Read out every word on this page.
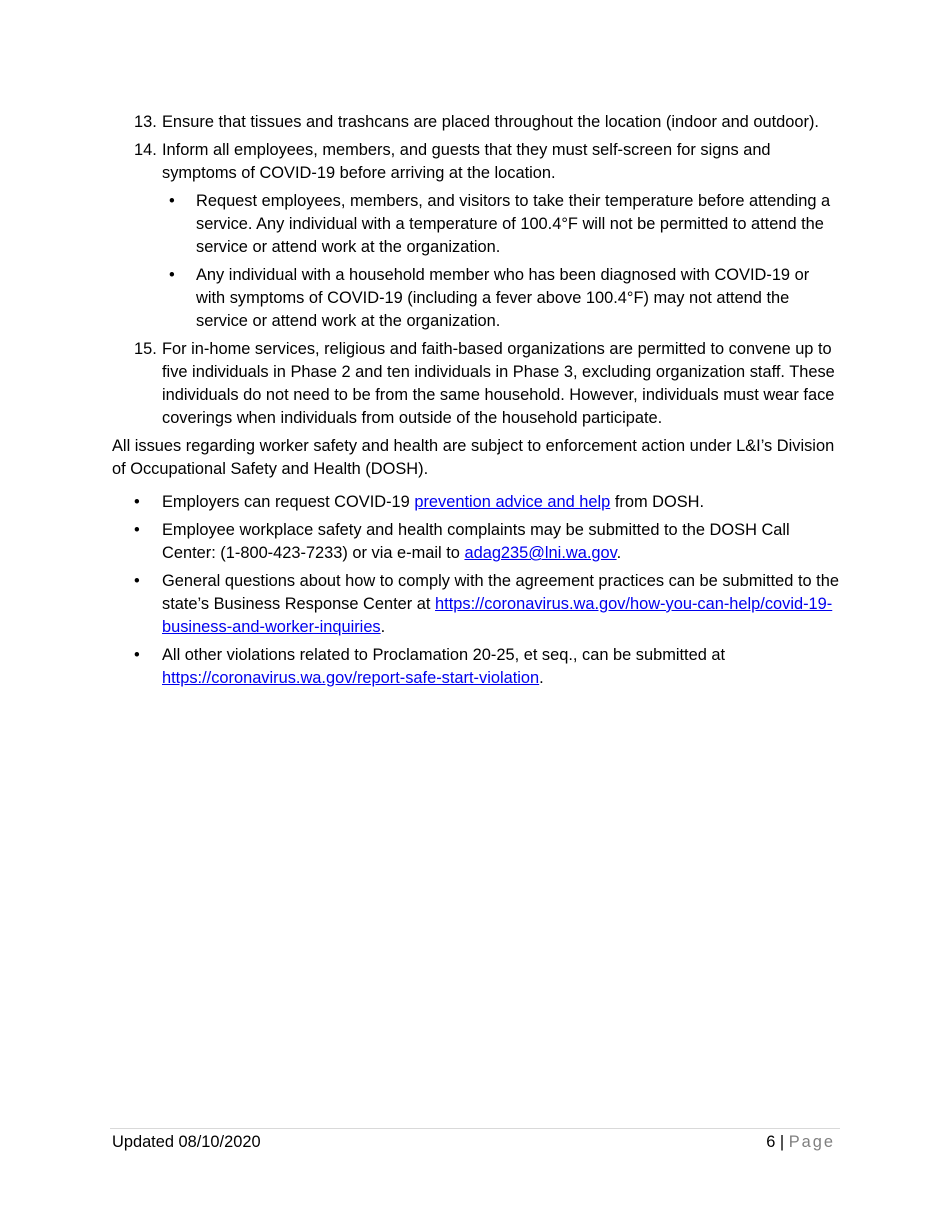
13. Ensure that tissues and trashcans are placed throughout the location (indoor and outdoor).
14. Inform all employees, members, and guests that they must self-screen for signs and symptoms of COVID-19 before arriving at the location.
• Request employees, members, and visitors to take their temperature before attending a service. Any individual with a temperature of 100.4°F will not be permitted to attend the service or attend work at the organization.
• Any individual with a household member who has been diagnosed with COVID-19 or with symptoms of COVID-19 (including a fever above 100.4°F) may not attend the service or attend work at the organization.
15. For in-home services, religious and faith-based organizations are permitted to convene up to five individuals in Phase 2 and ten individuals in Phase 3, excluding organization staff. These individuals do not need to be from the same household. However, individuals must wear face coverings when individuals from outside of the household participate.

All issues regarding worker safety and health are subject to enforcement action under L&I’s Division of Occupational Safety and Health (DOSH).

• Employers can request COVID-19 prevention advice and help from DOSH.
• Employee workplace safety and health complaints may be submitted to the DOSH Call Center: (1-800-423-7233) or via e-mail to adag235@lni.wa.gov.
• General questions about how to comply with the agreement practices can be submitted to the state’s Business Response Center at https://coronavirus.wa.gov/how-you-can-help/covid-19-business-and-worker-inquiries.
• All other violations related to Proclamation 20-25, et seq., can be submitted at https://coronavirus.wa.gov/report-safe-start-violation.
Updated 08/10/2020	6 | Page
